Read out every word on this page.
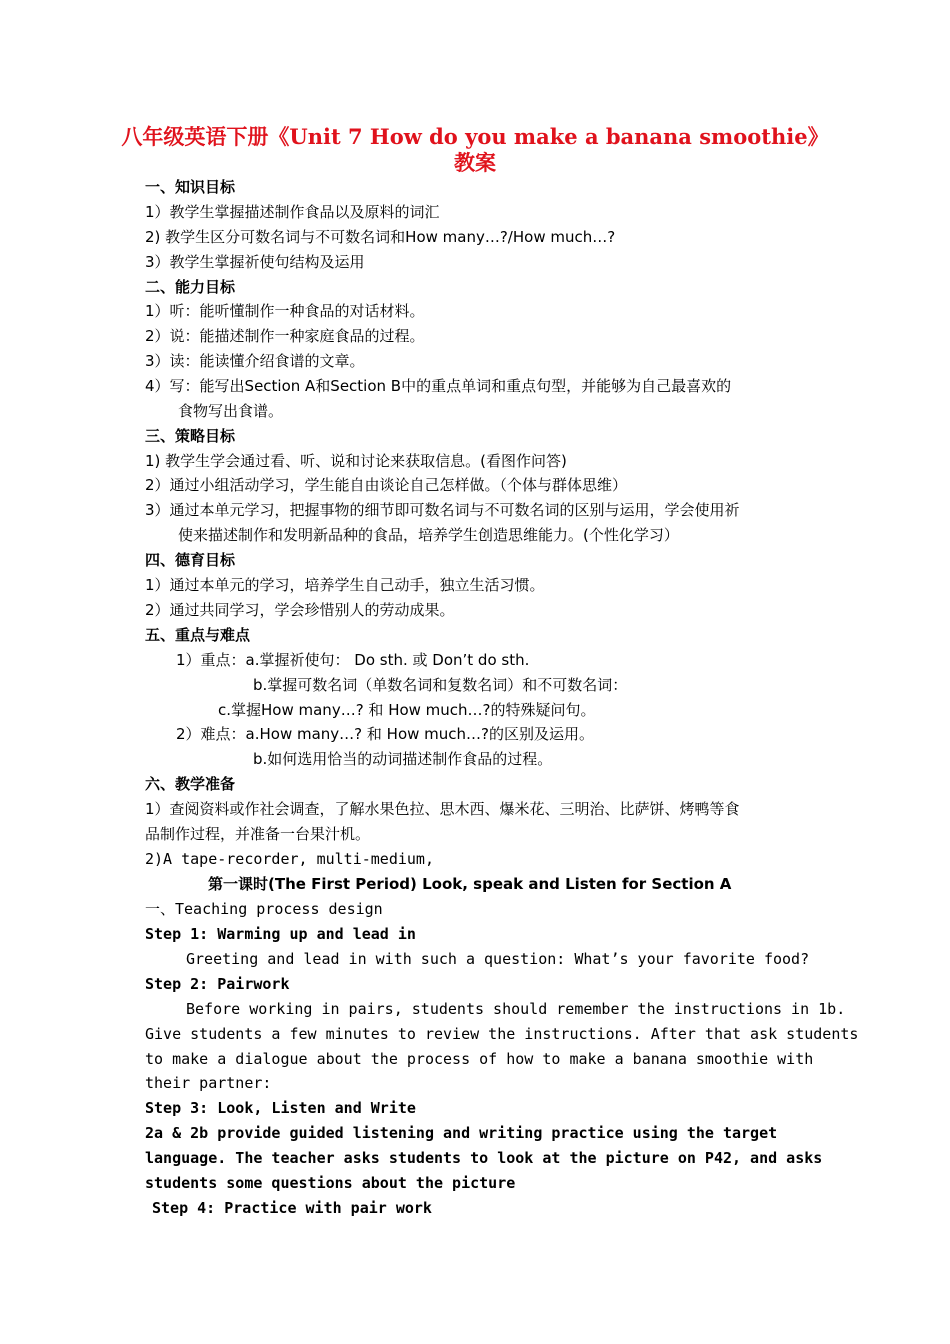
八年级英语下册《Unit 7 How do you make a banana smoothie》
教案
一、知识目标
1）教学生掌握描述制作食品以及原料的词汇
2) 教学生区分可数名词与不可数名词和How many…?/How much…?
3）教学生掌握祈使句结构及运用
二、能力目标
1）听：能听懂制作一种食品的对话材料。
2）说：能描述制作一种家庭食品的过程。
3）读：能读懂介绍食谱的文章。
4）写：能写出Section A和Section B中的重点单词和重点句型，并能够为自己最喜欢的
食物写出食谱。
三、策略目标
1) 教学生学会通过看、听、说和讨论来获取信息。(看图作问答)
2）通过小组活动学习，学生能自由谈论自己怎样做。（个体与群体思维）
3）通过本单元学习，把握事物的细节即可数名词与不可数名词的区别与运用，学会使用祈
使来描述制作和发明新品种的食品，培养学生创造思维能力。(个性化学习）
四、德育目标
1）通过本单元的学习，培养学生自己动手，独立生活习惯。
2）通过共同学习，学会珍惜别人的劳动成果。
五、重点与难点
1）重点：a.掌握祈使句： Do sth. 或 Don’t do sth.
b.掌握可数名词（单数名词和复数名词）和不可数名词：
c.掌握How many…? 和 How much…?的特殊疑问句。
2）难点：a.How many…? 和 How much…?的区别及运用。
b.如何选用恰当的动词描述制作食品的过程。
六、教学准备
1）查阅资料或作社会调查，了解水果色拉、思木西、爆米花、三明治、比萨饼、烤鸭等食
品制作过程，并准备一台果汁机。
2)A tape-recorder, multi-medium,
第一课时(The First Period) Look, speak and Listen for Section A
一、Teaching process design
Step 1: Warming up and lead in
Greeting and lead in with such a question: What’s your favorite food?
Step 2: Pairwork
Before working in pairs, students should remember the instructions in 1b.
Give students a few minutes to review the instructions. After that ask students
to make a dialogue about the process of how to make a banana smoothie with
their partner:
Step 3: Look, Listen and Write
2a & 2b provide guided listening and writing practice using the target
language. The teacher asks students to look at the picture on P42, and asks
students some questions about the picture
Step 4: Practice with pair work
